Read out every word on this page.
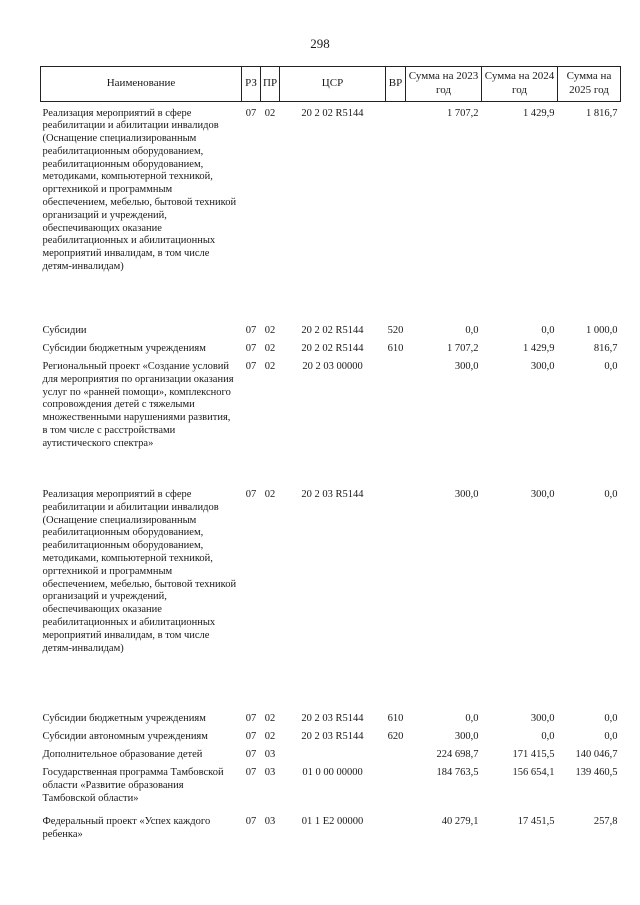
298
Наименование	РЗ	ПР	ЦСР	ВР	Сумма на 2023 год	Сумма на 2024 год	Сумма на 2025 год
Реализация мероприятий в сфере реабилитации и абилитации инвалидов (Оснащение специализированным реабилитационным оборудованием, реабилитационным оборудованием, методиками, компьютерной техникой, оргтехникой и программным обеспечением, мебелью, бытовой техникой организаций и учреждений, обеспечивающих оказание реабилитационных и абилитационных мероприятий инвалидам, в том числе детям-инвалидам)	07	02	20 2 02 R5144		1 707,2	1 429,9	1 816,7
Субсидии	07	02	20 2 02 R5144	520	0,0	0,0	1 000,0
Субсидии бюджетным учреждениям	07	02	20 2 02 R5144	610	1 707,2	1 429,9	816,7
Региональный проект «Создание условий для мероприятия по организации оказания услуг по «ранней помощи», комплексного сопровождения детей с тяжелыми множественными нарушениями развития, в том числе с расстройствами аутистического спектра»	07	02	20 2 03 00000		300,0	300,0	0,0
Реализация мероприятий в сфере реабилитации и абилитации инвалидов (Оснащение специализированным реабилитационным оборудованием, реабилитационным оборудованием, методиками, компьютерной техникой, оргтехникой и программным обеспечением, мебелью, бытовой техникой организаций и учреждений, обеспечивающих оказание реабилитационных и абилитационных мероприятий инвалидам, в том числе детям-инвалидам)	07	02	20 2 03 R5144		300,0	300,0	0,0
Субсидии бюджетным учреждениям	07	02	20 2 03 R5144	610	0,0	300,0	0,0
Субсидии автономным учреждениям	07	02	20 2 03 R5144	620	300,0	0,0	0,0
Дополнительное образование детей	07	03			224 698,7	171 415,5	140 046,7
Государственная программа Тамбовской области «Развитие образования Тамбовской области»	07	03	01 0 00 00000		184 763,5	156 654,1	139 460,5
Федеральный проект «Успех каждого ребенка»	07	03	01 1 E2 00000		40 279,1	17 451,5	257,8
